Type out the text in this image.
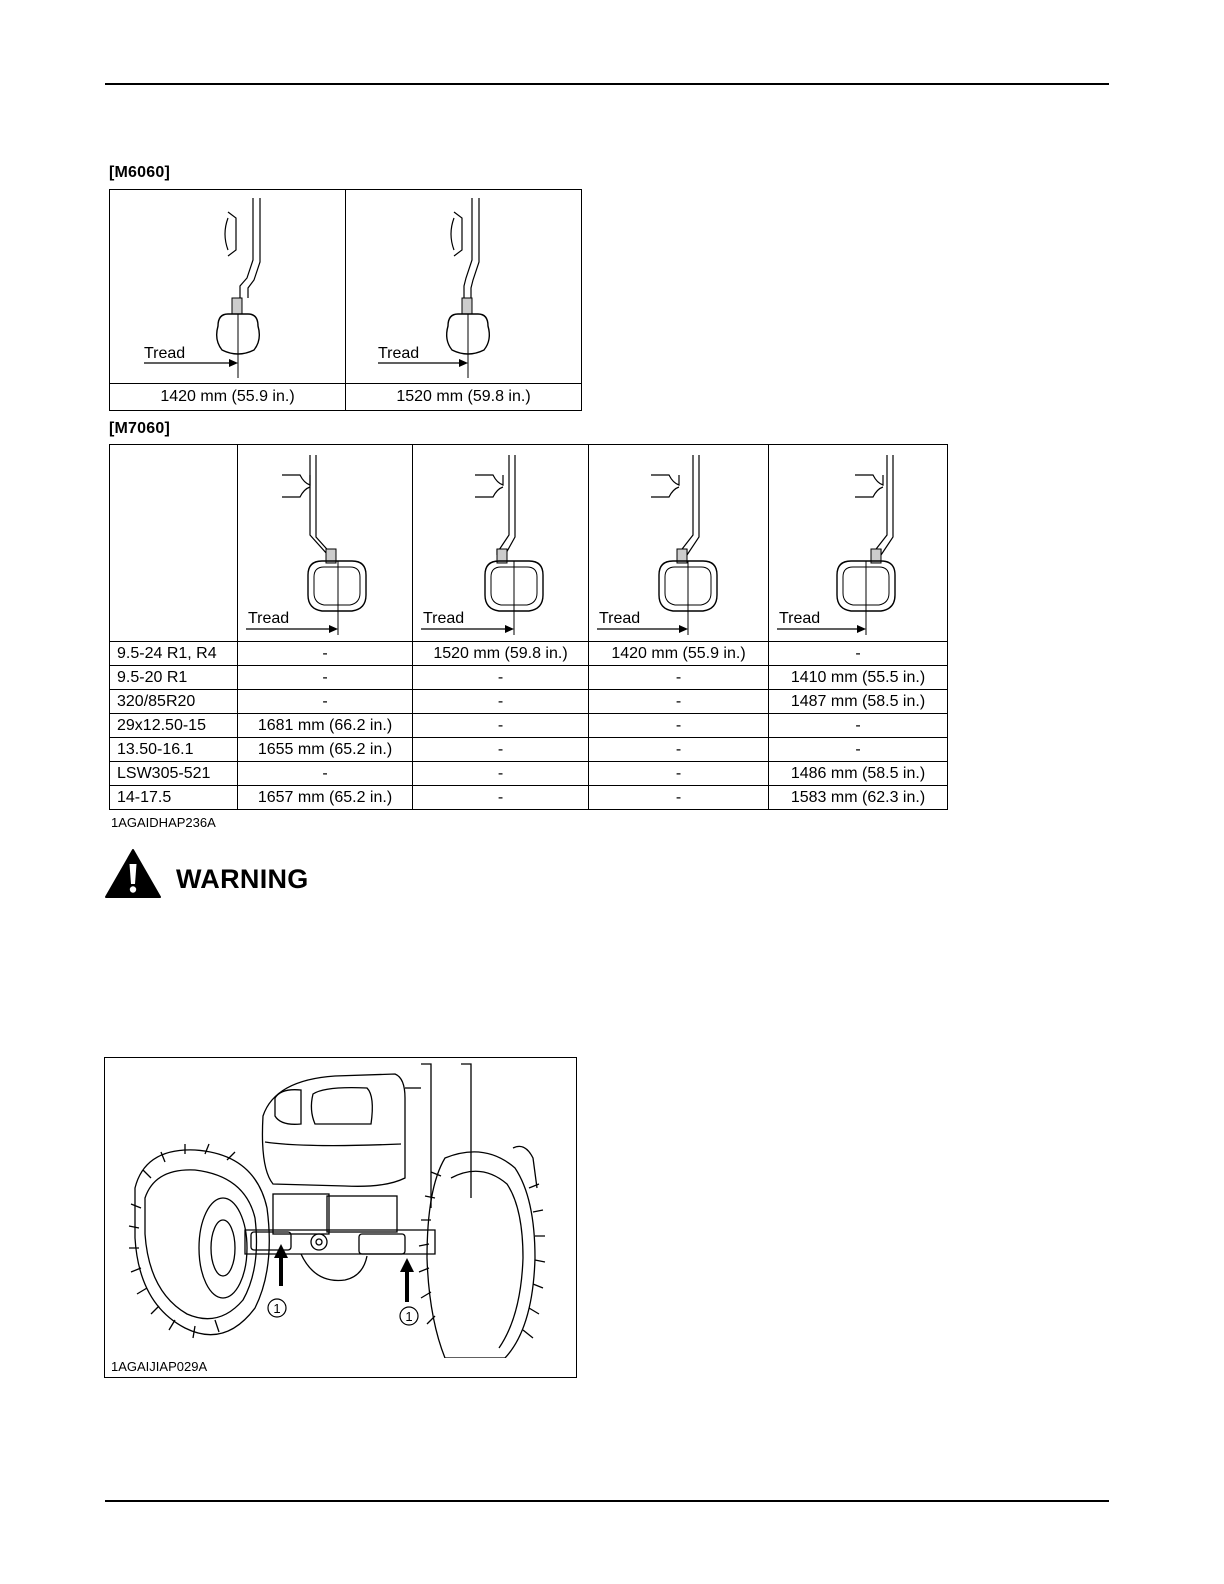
[M6060]
Tread	Tread
1420 mm (55.9 in.)	1520 mm (59.8 in.)
[M7060]

Tread	Tread	Tread	Tread

9.5-24 R1, R4	-	1520 mm (59.8 in.)	1420 mm (55.9 in.)	-
9.5-20 R1	-	-	-	1410 mm (55.5 in.)
320/85R20	-	-	-	1487 mm (58.5 in.)
29x12.50-15	1681 mm (66.2 in.)	-	-	-
13.50-16.1	1655 mm (65.2 in.)	-	-	-
LSW305-521	-	-	-	1486 mm (58.5 in.)
14-17.5	1657 mm (65.2 in.)	-	-	1583 mm (62.3 in.)
1AGAIDHAP236A
WARNING
1
1
1AGAIJIAP029A
